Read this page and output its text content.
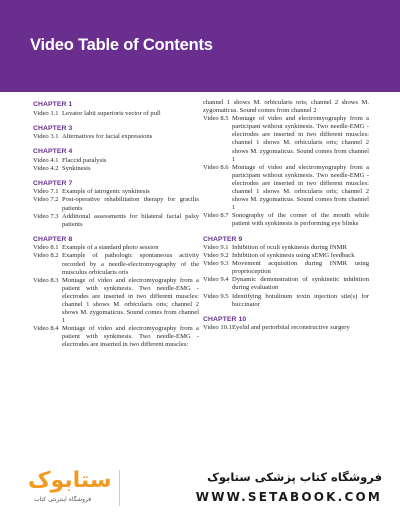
Video Table of Contents
CHAPTER 1
Video 1.1 Levator labii superioris vector of pull
CHAPTER 3
Video 3.1 Alternatives for facial expressions
CHAPTER 4
Video 4.1 Flaccid paralysis
Video 4.2 Synkinesis
CHAPTER 7
Video 7.1 Example of iatrogenic synkinesis
Video 7.2 Post-operative rehabilitation therapy for gracilis patients
Video 7.3 Additional assessments for bilateral facial palsy patients
CHAPTER 8
Video 8.1 Example of a standard photo session
Video 8.2 Example of pathologic spontaneous activity recorded by a needle-electromyography of the musculus orbicularis oris
Video 8.3 Montage of video and electromyography from a patient with synkinesis. Two needle-EMG - electrodes are inserted in two different muscles: channel 1 shows M. orbicularis oris; channel 2 shows M. zygomaticus. Sound comes from channel 1
Video 8.4 Montage of video and electromyography from a patient with synkinesis. Two needle-EMG - electrodes are inserted in two different muscles:
channel 1 shows M. orbicularis oris; channel 2 shows M. zygomaticus. Sound comes from channel 2
Video 8.5 Montage of video and electromyography from a participant without synkinesis. Two needle-EMG - electrodes are inserted in two different muscles: channel 1 shows M. orbicularis oris; channel 2 shows M. zygomaticus. Sound comes from channel 1
Video 8.6 Montage of video and electromyography from a participant without synkinesis. Two needle-EMG - electrodes are inserted in two different muscles: channel 1 shows M. orbicularis oris; channel 2 shows M. zygomaticus. Sound comes from channel 1
Video 8.7 Sonography of the corner of the mouth while patient with synkinesis is performing eye blinks
CHAPTER 9
Video 9.1 Inhibition of oculi synkinesis during fNMR
Video 9.2 Inhibition of synkinesis using sEMG feedback
Video 9.3 Movement acquisition during fNMR using proprioception
Video 9.4 Dynamic demonstration of synkinetic inhibition during evaluation
Video 9.5 Identifying botulinum toxin injection site(s) for buccinator
CHAPTER 10
Video 10.1 Eyelid and periorbital reconstructive surgery
ستابوک
فروشگاه اینترنتی کتاب
فروشگاه کتاب پزشکی ستابوک
WWW.SETABOOK.COM
